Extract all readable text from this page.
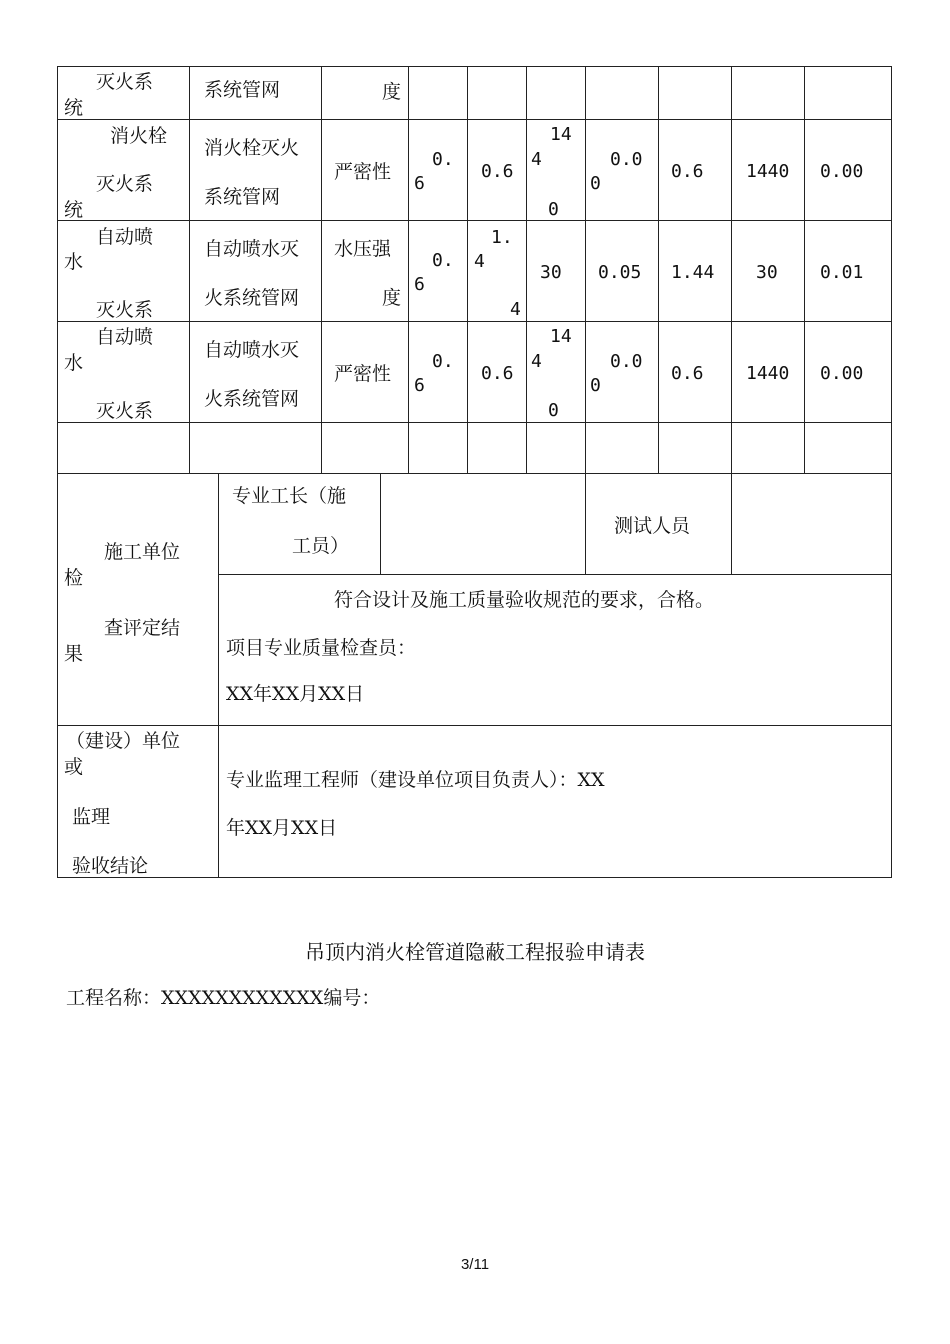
灭火系
统
系统管网	度
消火栓
灭火系
统
消火栓灭火
系统管网
严密性
0.
6
0.6
14
4
0
0.0
0
0.6 1440 0.00
自动喷
水
灭火系
自动喷水灭
火系统管网
水压强
度
0.
6
1.
4
4
30 0.05 1.44 30 0.01
自动喷
水
灭火系
自动喷水灭
火系统管网
严密性
0.
6
0.6
14
4
0
0.0
0
0.6 1440 0.00
施工单位
检
查评定结
果
专业工长（施
工员）
测试人员
符合设计及施工质量验收规范的要求，合格。
项目专业质量检查员：
XX年XX月XX日
（建设）单位
或
监理
验收结论
专业监理工程师（建设单位项目负责人）：XX
年XX月XX日
吊顶内消火栓管道隐蔽工程报验申请表
工程名称：XXXXXXXXXXXX编号：
3/11
